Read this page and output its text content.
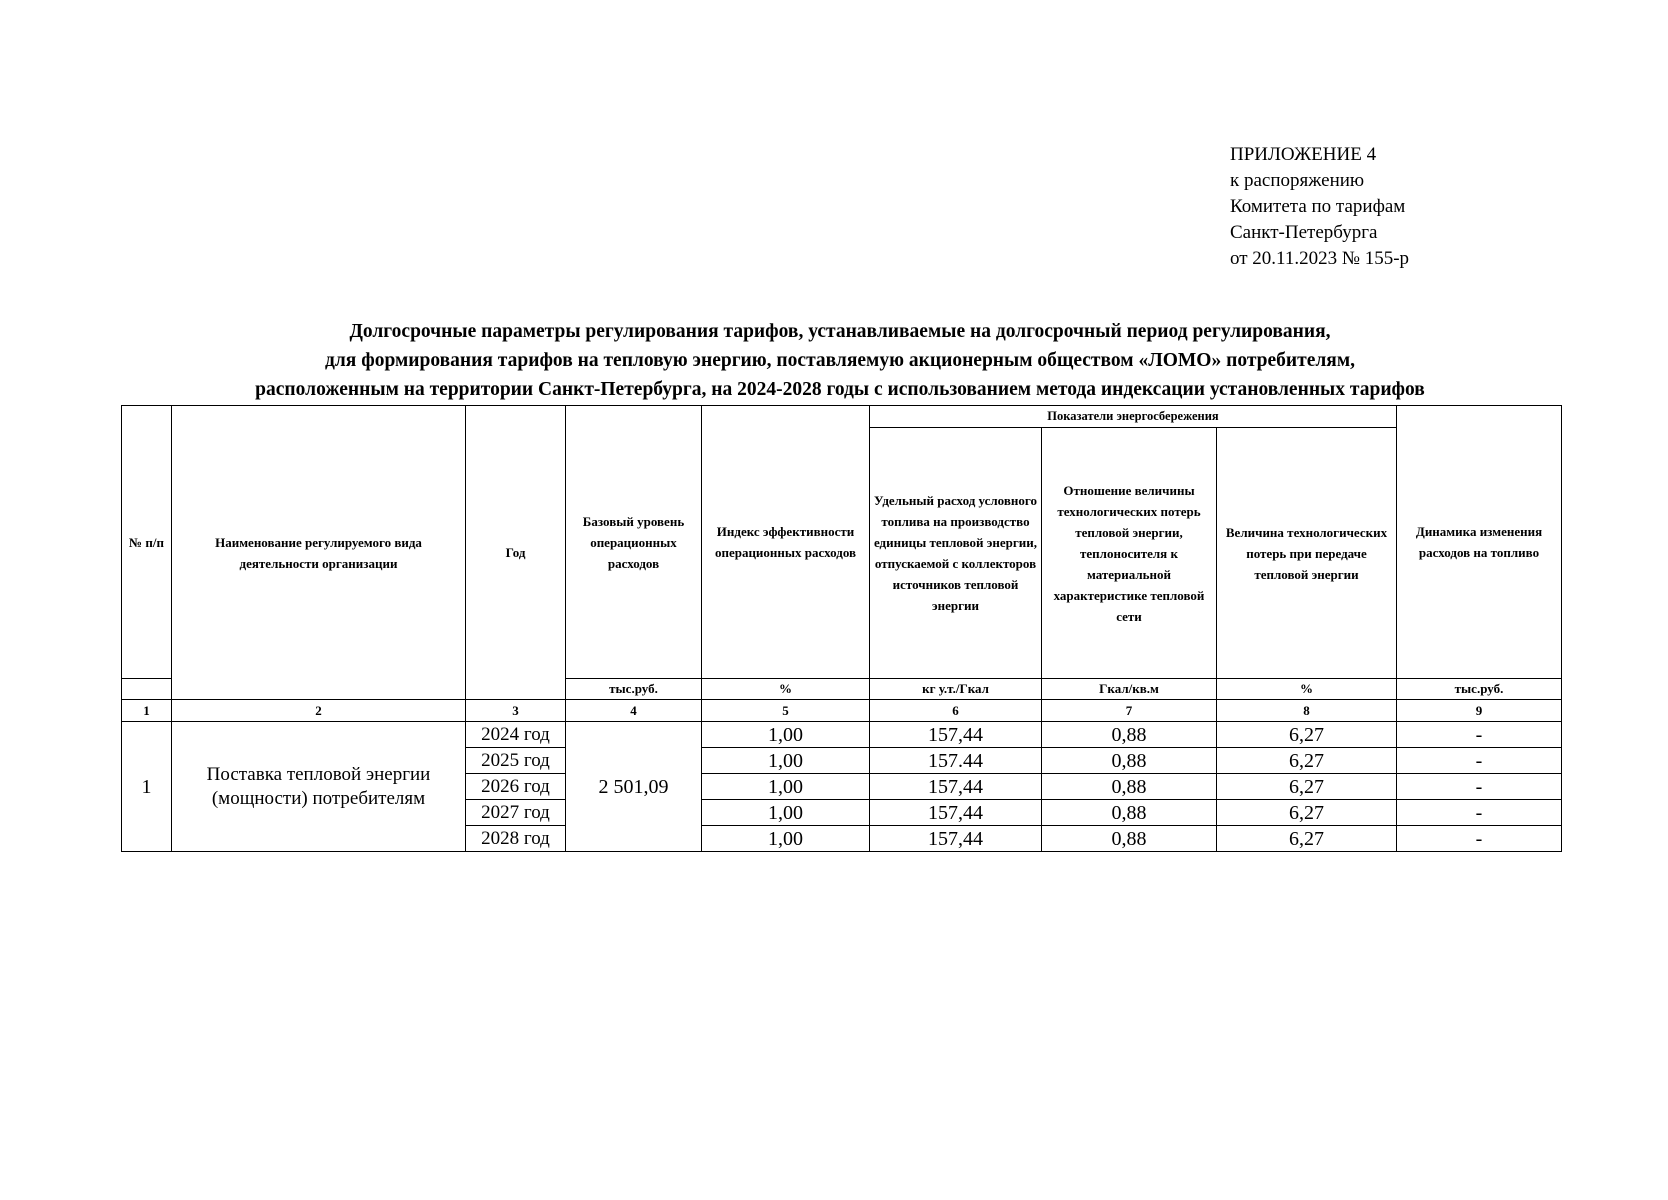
ПРИЛОЖЕНИЕ 4
к распоряжению
Комитета по тарифам
Санкт-Петербурга
от 20.11.2023 № 155-р
Долгосрочные параметры регулирования тарифов, устанавливаемые на долгосрочный период регулирования,
для формирования тарифов на тепловую энергию, поставляемую акционерным обществом «ЛОМО» потребителям,
расположенным на территории Санкт-Петербурга, на 2024-2028 годы с использованием метода индексации установленных тарифов
№ п/п	Наименование регулируемого вида деятельности организации	Год	Базовый уровень операционных расходов	Индекс эффективности операционных расходов	Показатели энергосбережения			Динамика изменения расходов на топливо
					Удельный расход условного топлива на производство единицы тепловой энергии, отпускаемой с коллекторов источников тепловой энергии	Отношение величины технологических потерь тепловой энергии, теплоносителя к материальной характеристике тепловой сети	Величина технологических потерь при передаче тепловой энергии	
			тыс.руб.	%	кг у.т./Гкал	Гкал/кв.м	%	тыс.руб.
1	2	3	4	5	6	7	8	9
1	Поставка тепловой энергии (мощности) потребителям	2024 год	2 501,09	1,00	157,44	0,88	6,27	-
		2025 год		1,00	157.44	0,88	6,27	-
		2026 год		1,00	157,44	0,88	6,27	-
		2027 год		1,00	157,44	0,88	6,27	-
		2028 год		1,00	157,44	0,88	6,27	-
